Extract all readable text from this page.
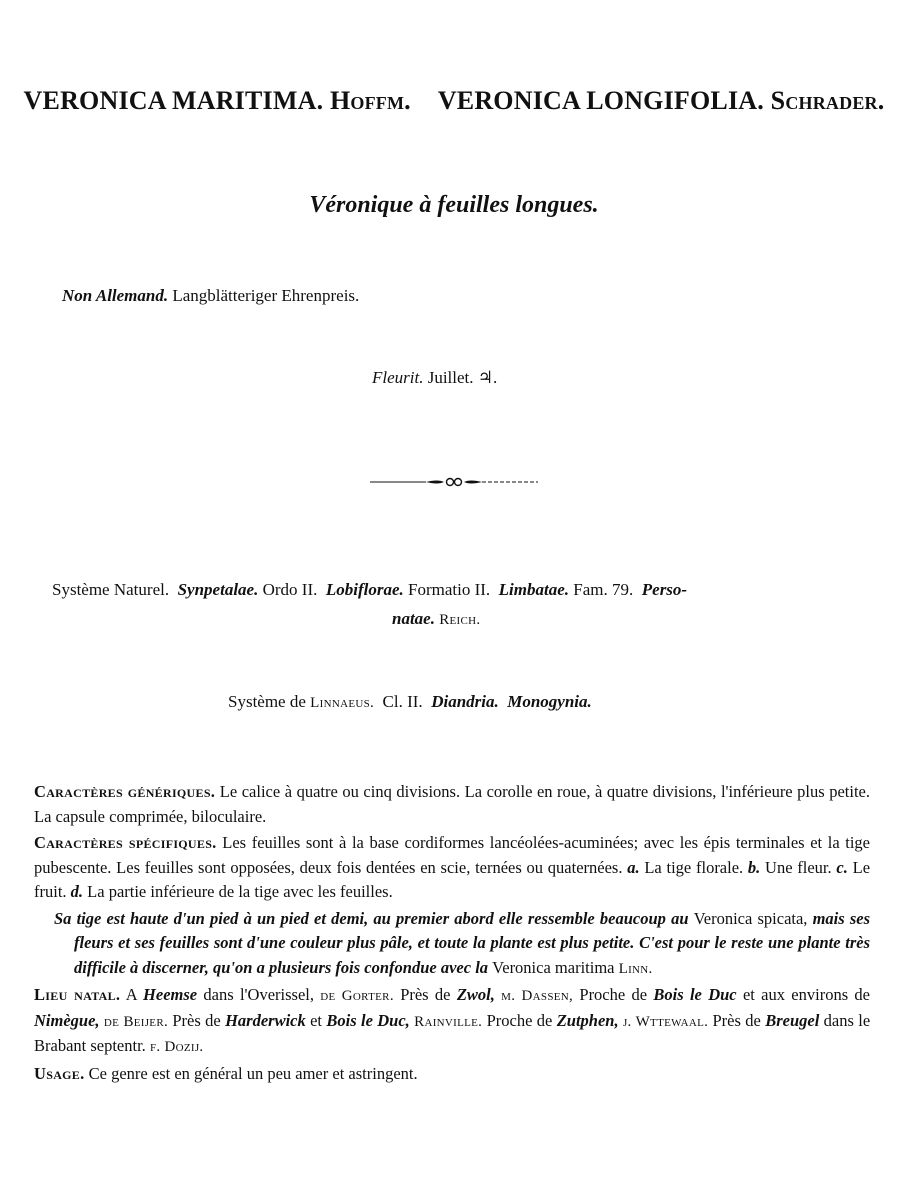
VERONICA MARITIMA. Hoffm. VERONICA LONGIFOLIA. Schrader.
Véronique à feuilles longues.
Non Allemand. Langblätteriger Ehrenpreis.
Fleurit. Juillet. ♃.
Système Naturel. Synpetalae. Ordo II. Lobiflorae. Formatio II. Limbatae. Fam. 79. Perso-
natae. Reich.
Système de Linnaeus. Cl. II. Diandria. Monogynia.

Caractères génériques. Le calice à quatre ou cinq divisions. La corolle en roue, à quatre divisions, l'inférieure plus petite. La capsule comprimée, biloculaire.

Caractères spécifiques. Les feuilles sont à la base cordiformes lancéolées-acuminées; avec les épis terminales et la tige pubescente. Les feuilles sont opposées, deux fois dentées en scie, ternées ou quaternées. a. La tige florale. b. Une fleur. c. Le fruit. d. La partie inférieure de la tige avec les feuilles.

Sa tige est haute d'un pied à un pied et demi, au premier abord elle ressemble beaucoup au Veronica spicata, mais ses fleurs et ses feuilles sont d'une couleur plus pâle, et toute la plante est plus petite. C'est pour le reste une plante très difficile à discerner, qu'on a plusieurs fois confondue avec la Veronica maritima Linn.

Lieu natal. A Heemse dans l'Overissel, de Gorter. Près de Zwol, m. Dassen, Proche de Bois le Duc et aux environs de Nimègue, de Beijer. Près de Harderwick et Bois le Duc, Rainville. Proche de Zutphen, j. Wttewaal. Près de Breugel dans le Brabant septentr. f. Dozij.

Usage. Ce genre est en général un peu amer et astringent.
